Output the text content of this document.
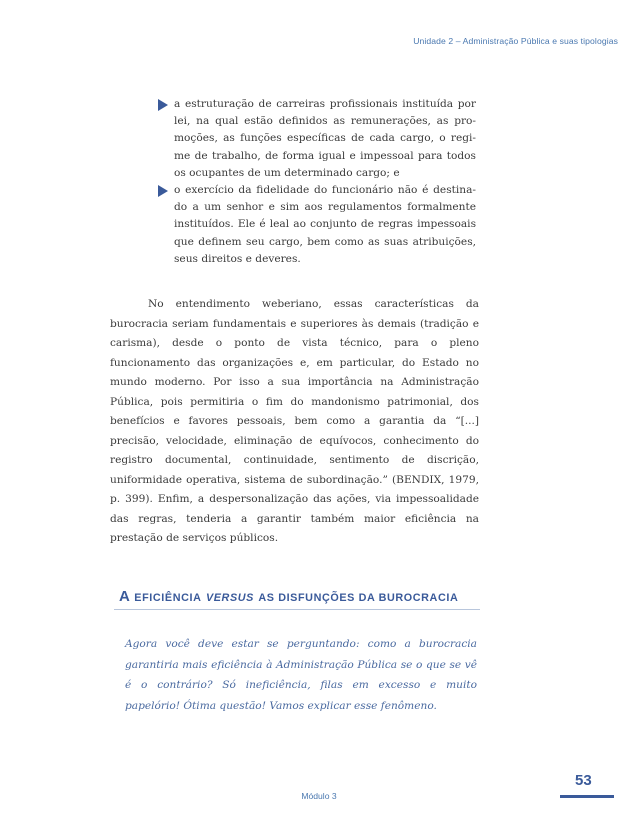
Unidade 2 – Administração Pública e suas tipologias
a estruturação de carreiras profissionais instituída por lei, na qual estão definidos as remunerações, as pro-moções, as funções específicas de cada cargo, o regi-me de trabalho, de forma igual e impessoal para todos os ocupantes de um determinado cargo; e
o exercício da fidelidade do funcionário não é destina-do a um senhor e sim aos regulamentos formalmente instituídos. Ele é leal ao conjunto de regras impessoais que definem seu cargo, bem como as suas atribuições, seus direitos e deveres.

No entendimento weberiano, essas características da burocracia seriam fundamentais e superiores às demais (tradição e carisma), desde o ponto de vista técnico, para o pleno funcionamento das organizações e, em particular, do Estado no mundo moderno. Por isso a sua importância na Administração Pública, pois permitiria o fim do mandonismo patrimonial, dos benefícios e favores pessoais, bem como a garantia da “[...] precisão, velocidade, eliminação de equívocos, conhecimento do registro documental, continuidade, sentimento de discrição, uniformidade operativa, sistema de subordinação.” (BENDIX, 1979, p. 399). Enfim, a despersonalização das ações, via impessoalidade das regras, tenderia a garantir também maior eficiência na prestação de serviços públicos.

A EFICIÊNCIA VERSUS AS DISFUNÇÕES DA BUROCRACIA

Agora você deve estar se perguntando: como a burocracia garantiria mais eficiência à Administração Pública se o que se vê é o contrário? Só ineficiência, filas em excesso e muito papelório! Ótima questão! Vamos explicar esse fenômeno.

Módulo 3
53
